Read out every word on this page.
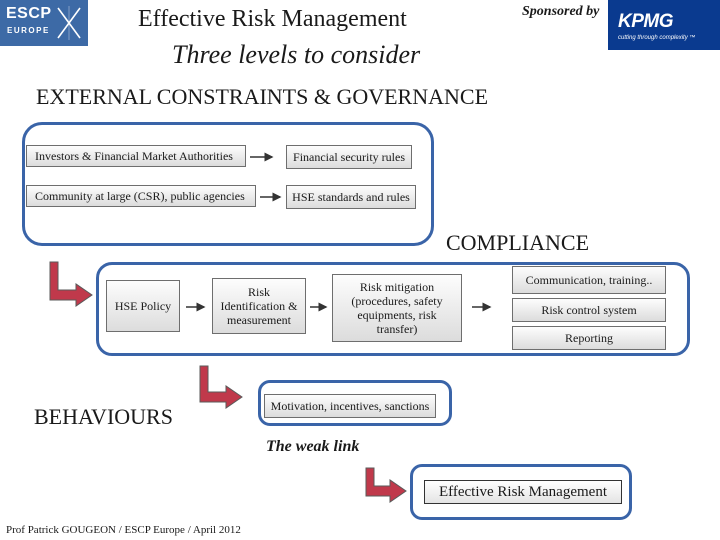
ESCP
EUROPE	KPMG
cutting through complexity ™
Effective Risk Management
Three levels to consider
Sponsored by
EXTERNAL CONSTRAINTS & GOVERNANCE
COMPLIANCE
BEHAVIOURS
Investors & Financial Market Authorities	Financial security rules
Community at large (CSR), public agencies	HSE standards and rules
HSE Policy
Risk Identification & measurement
Risk mitigation (procedures, safety equipments, risk transfer)
Communication, training..
Risk control system
Reporting
Motivation, incentives, sanctions
The weak link
Effective Risk Management
Prof Patrick GOUGEON / ESCP Europe / April 2012
